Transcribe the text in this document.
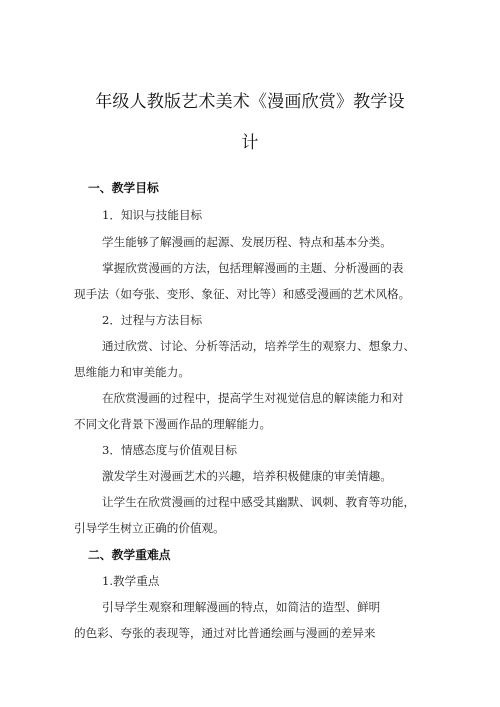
年级人教版艺术美术《漫画欣赏》教学设
计
一、教学目标
1．知识与技能目标
学生能够了解漫画的起源、发展历程、特点和基本分类。
掌握欣赏漫画的方法，包括理解漫画的主题、分析漫画的表
现手法（如夸张、变形、象征、对比等）和感受漫画的艺术风格。
2．过程与方法目标
通过欣赏、讨论、分析等活动，培养学生的观察力、想象力、
思维能力和审美能力。
在欣赏漫画的过程中，提高学生对视觉信息的解读能力和对
不同文化背景下漫画作品的理解能力。
3．情感态度与价值观目标
激发学生对漫画艺术的兴趣，培养积极健康的审美情趣。
让学生在欣赏漫画的过程中感受其幽默、讽刺、教育等功能，
引导学生树立正确的价值观。
二、教学重难点
1.教学重点
引导学生观察和理解漫画的特点，如简洁的造型、鲜明
的色彩、夸张的表现等，通过对比普通绘画与漫画的差异来
